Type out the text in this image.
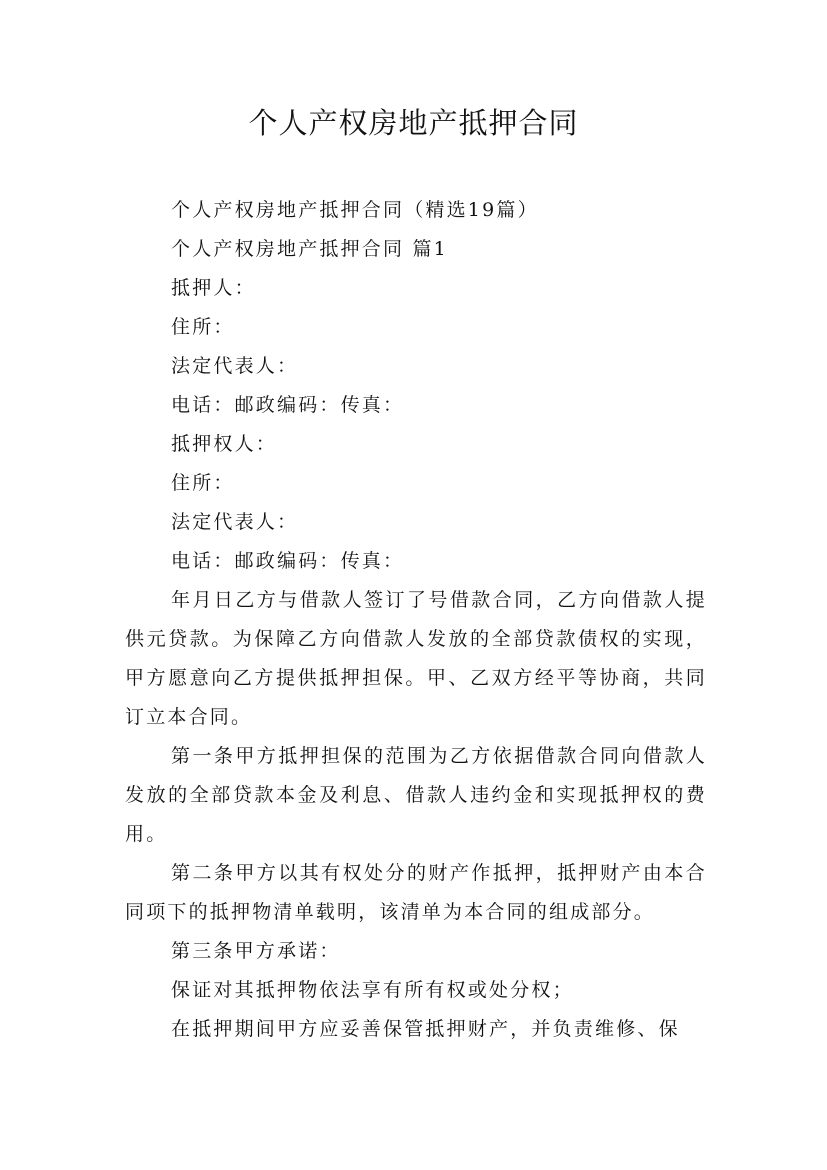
个人产权房地产抵押合同

个人产权房地产抵押合同（精选19篇）

个人产权房地产抵押合同 篇1

抵押人：

住所：

法定代表人：

电话：邮政编码：传真：

抵押权人：

住所：

法定代表人：

电话：邮政编码：传真：

年月日乙方与借款人签订了号借款合同，乙方向借款人提供元贷款。为保障乙方向借款人发放的全部贷款债权的实现，甲方愿意向乙方提供抵押担保。甲、乙双方经平等协商，共同订立本合同。

第一条甲方抵押担保的范围为乙方依据借款合同向借款人发放的全部贷款本金及利息、借款人违约金和实现抵押权的费用。

第二条甲方以其有权处分的财产作抵押，抵押财产由本合同项下的抵押物清单载明，该清单为本合同的组成部分。

第三条甲方承诺：

保证对其抵押物依法享有所有权或处分权；

在抵押期间甲方应妥善保管抵押财产，并负责维修、保
